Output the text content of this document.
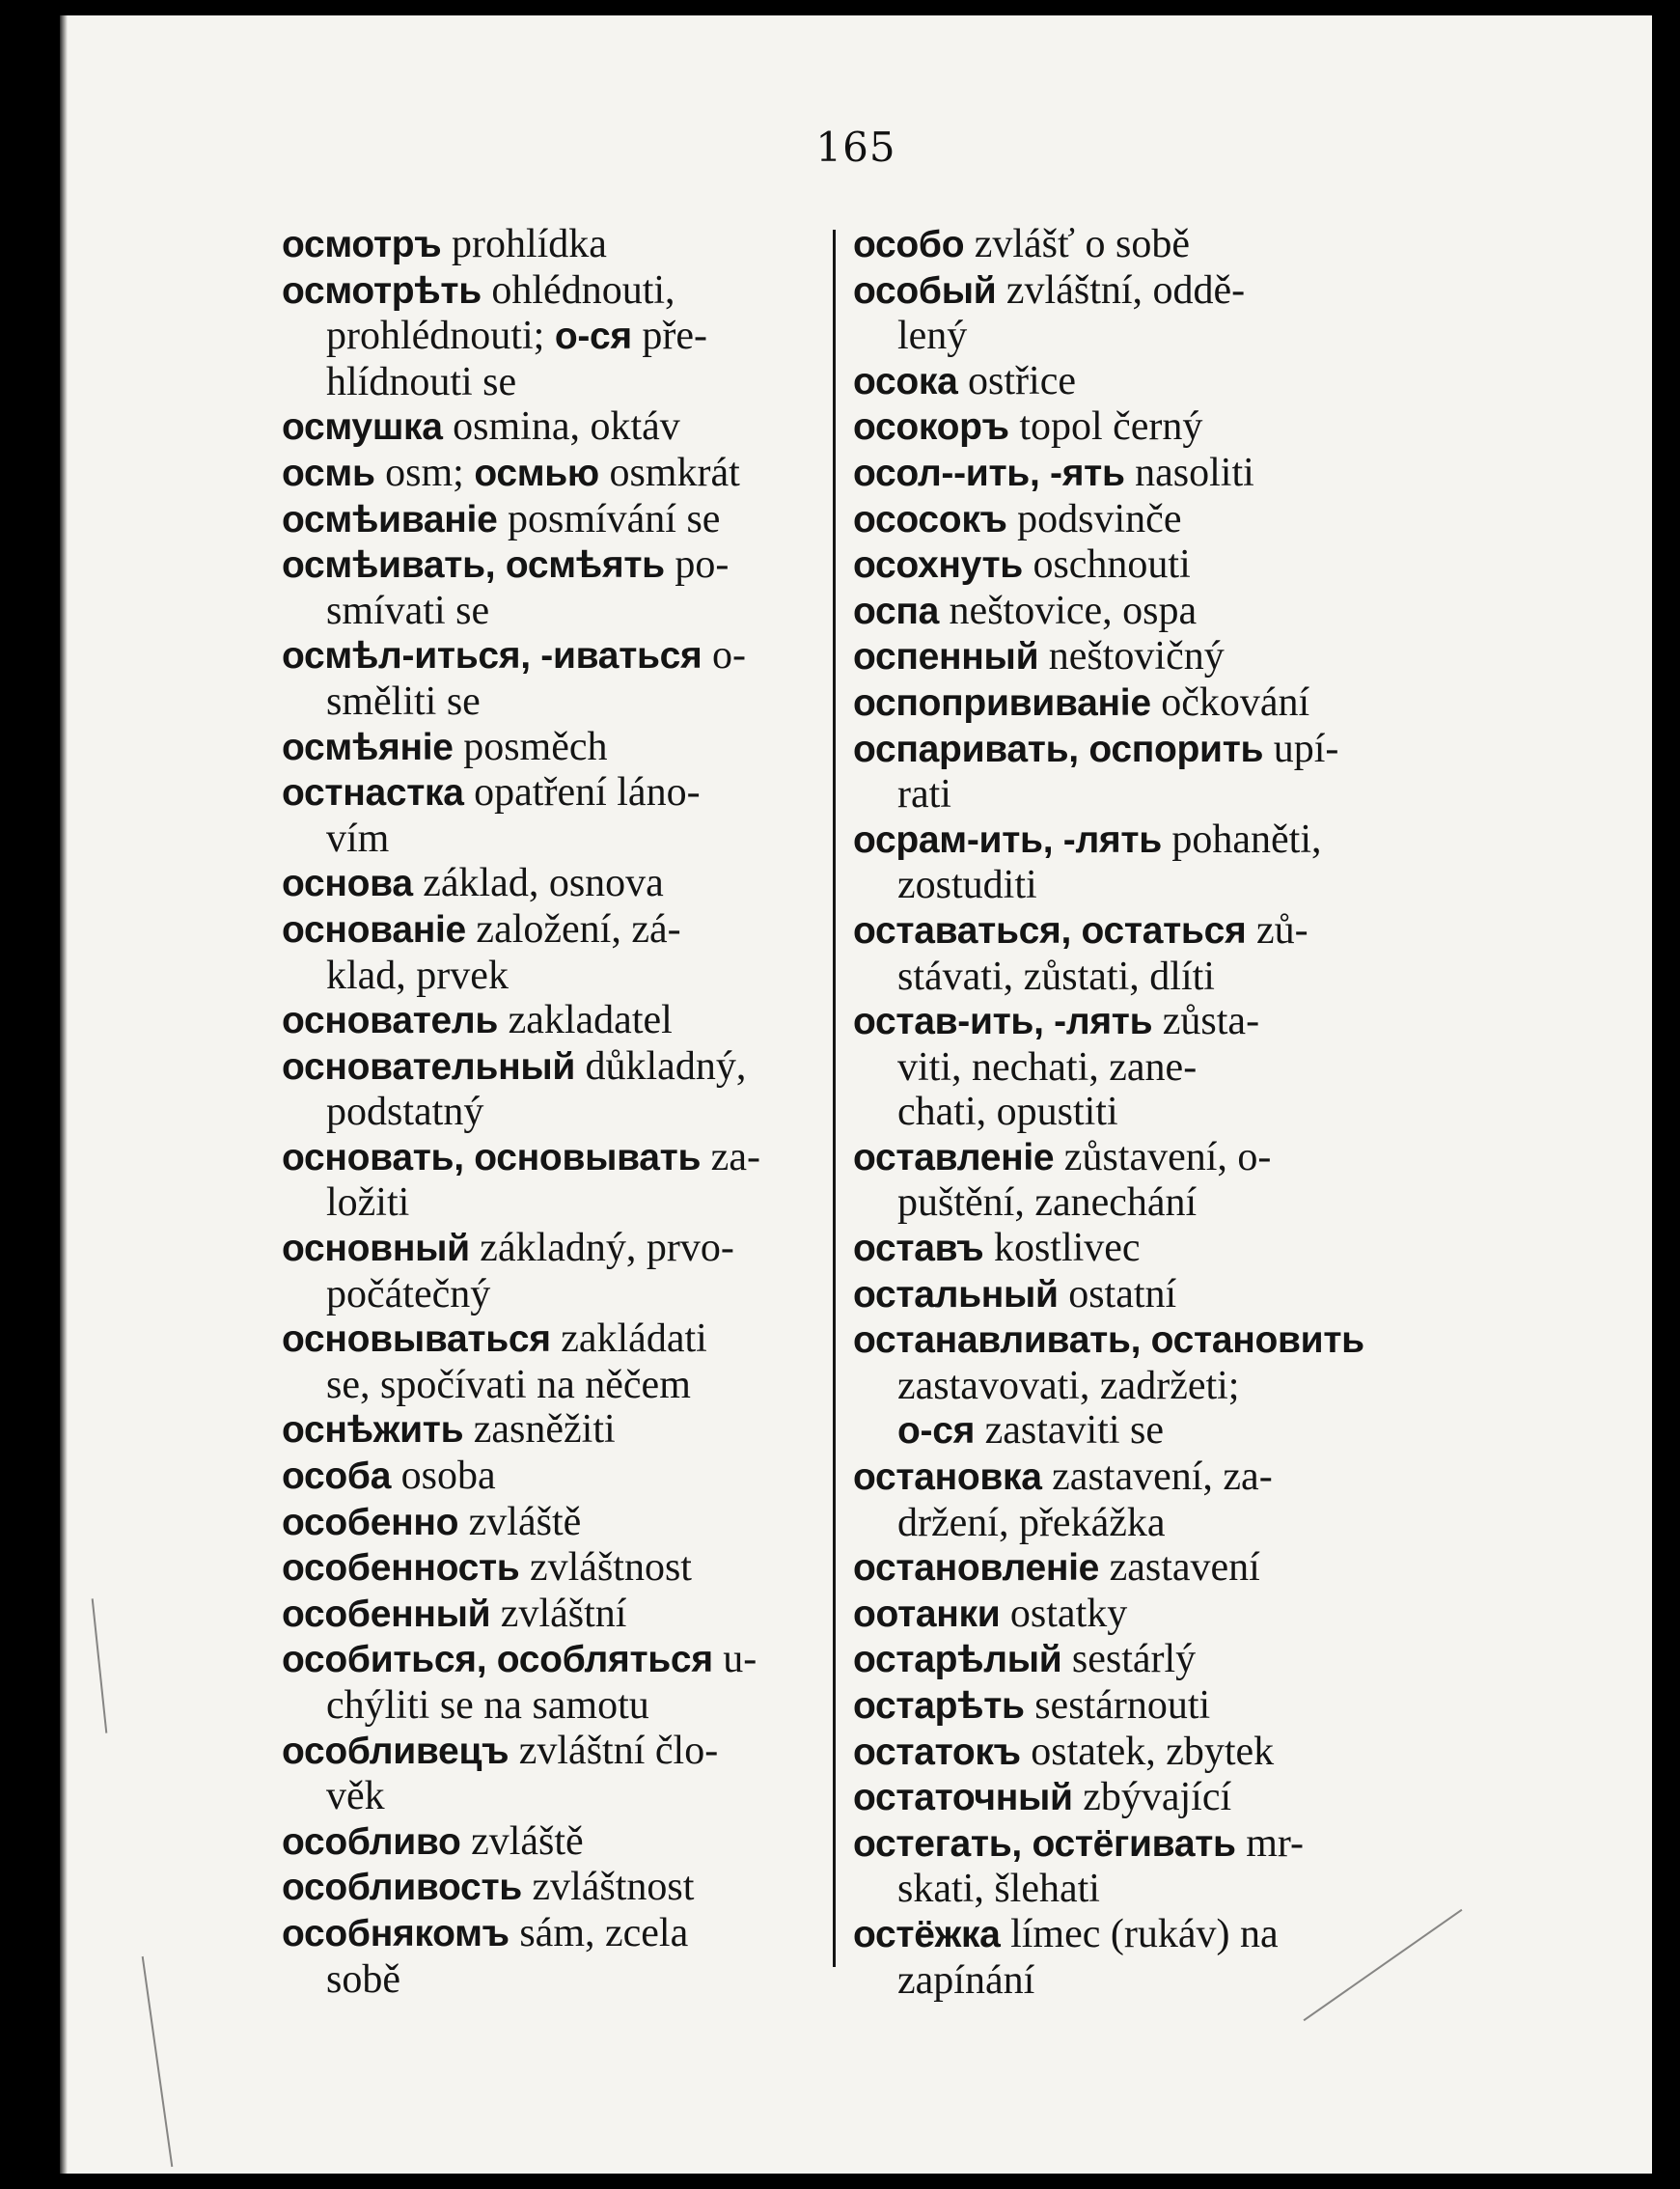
165

осмотръ prohlídka

осмотрѣть ohlédnouti,
prohlédnouti; о-ся pře-
hlídnouti se

осмушка osmina, oktáv

осмь osm; осмью osmkrát

осмѣиванiе posmívání se

осмѣивать, осмѣять po-
smívati se

осмѣл-иться, -иваться o-
směliti se

осмѣянiе posměch

остнастка opatření láno-
vím

основа základ, osnova

основанiе založení, zá-
klad, prvek

основатель zakladatel

основательный důkladný,
podstatný

основать, основывать za-
ložiti

основный základný, prvo-
počátečný

основываться zakládati
se, spočívati na něčem

оснѣжить zasněžiti

особа osoba

особенно zvláště

особенность zvláštnost

особенный zvláštní

особиться, особляться u-
chýliti se na samotu

особливецъ zvláštní člo-
věk

особливо zvláště

особливость zvláštnost

особнякомъ sám, zcela
sobě

особо zvlášť o sobě

особый zvláštní, oddě-
lený

осока ostřice

осокоръ topol černý

осол--ить, -ять nasoliti

ососокъ podsvinče

осохнуть oschnouti

оспа neštovice, ospa

оспенный neštovičný

оспопрививанiе očkování

оспаривать, оспорить upí-
rati

осрам-ить, -лять pohaněti,
zostuditi

оставаться, остаться zů-
stávati, zůstati, dlíti

остав-ить, -лять zůsta-
viti, nechati, zane-
chati, opustiti

оставленiе zůstavení, o-
puštění, zanechání

оставъ kostlivec

остальный ostatní

останавливать, остановить
zastavovati, zadržeti;
о-ся zastaviti se

остановка zastavení, za-
držení, překážka

остановленiе zastavení

оотанки ostatky

остарѣлый sestárlý

остарѣть sestárnouti

остатокъ ostatek, zbytek

остаточный zbývající

остегать, остёгивать mr-
skati, šlehati

остёжка límec (rukáv) na
zapínání
